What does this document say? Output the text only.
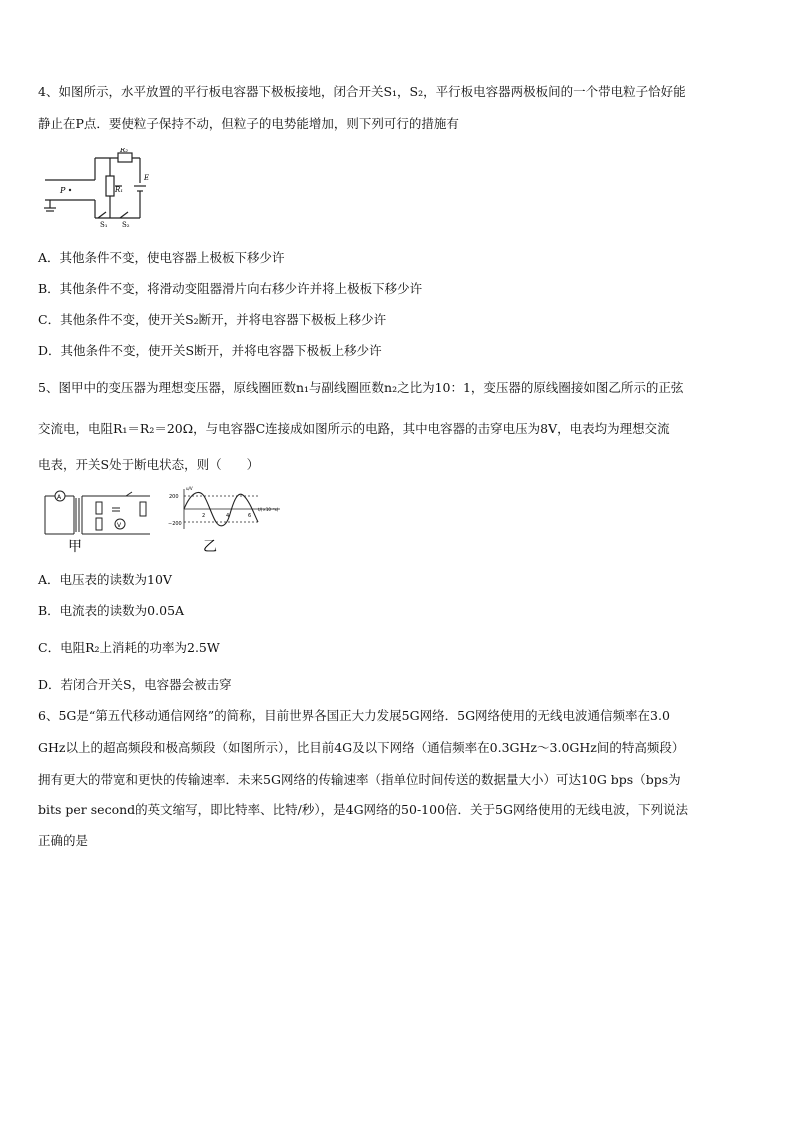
4、如图所示，水平放置的平行板电容器下极板接地，闭合开关S₁，S₂，平行板电容器两极板间的一个带电粒子恰好能
静止在P点．要使粒子保持不动，但粒子的电势能增加，则下列可行的措施有
P
R₂
R₁
E
S₁ S₂
A．其他条件不变，使电容器上极板下移少许
B．其他条件不变，将滑动变阻器滑片向右移少许并将上极板下移少许
C．其他条件不变，使开关S₂断开，并将电容器下极板上移少许
D．其他条件不变，使开关S断开，并将电容器下极板上移少许
5、图甲中的变压器为理想变压器，原线圈匝数n₁与副线圈匝数n₂之比为10：1，变压器的原线圈接如图乙所示的正弦
交流电，电阻R₁＝R₂＝20Ω，与电容器C连接成如图所示的电路，其中电容器的击穿电压为8V，电表均为理想交流
电表，开关S处于断电状态，则（　　）
A
V
甲
200
−200
u/V
2	4	6
t/(×10⁻²s)
乙
A．电压表的读数为10V
B．电流表的读数为0.05A
C．电阻R₂上消耗的功率为2.5W
D．若闭合开关S，电容器会被击穿
6、5G是“第五代移动通信网络”的简称，目前世界各国正大力发展5G网络．5G网络使用的无线电波通信频率在3.0
GHz以上的超高频段和极高频段（如图所示），比目前4G及以下网络（通信频率在0.3GHz～3.0GHz间的特高频段）
拥有更大的带宽和更快的传输速率．未来5G网络的传输速率（指单位时间传送的数据量大小）可达10G bps（bps为
bits per second的英文缩写，即比特率、比特/秒），是4G网络的50-100倍．关于5G网络使用的无线电波，下列说法
正确的是
